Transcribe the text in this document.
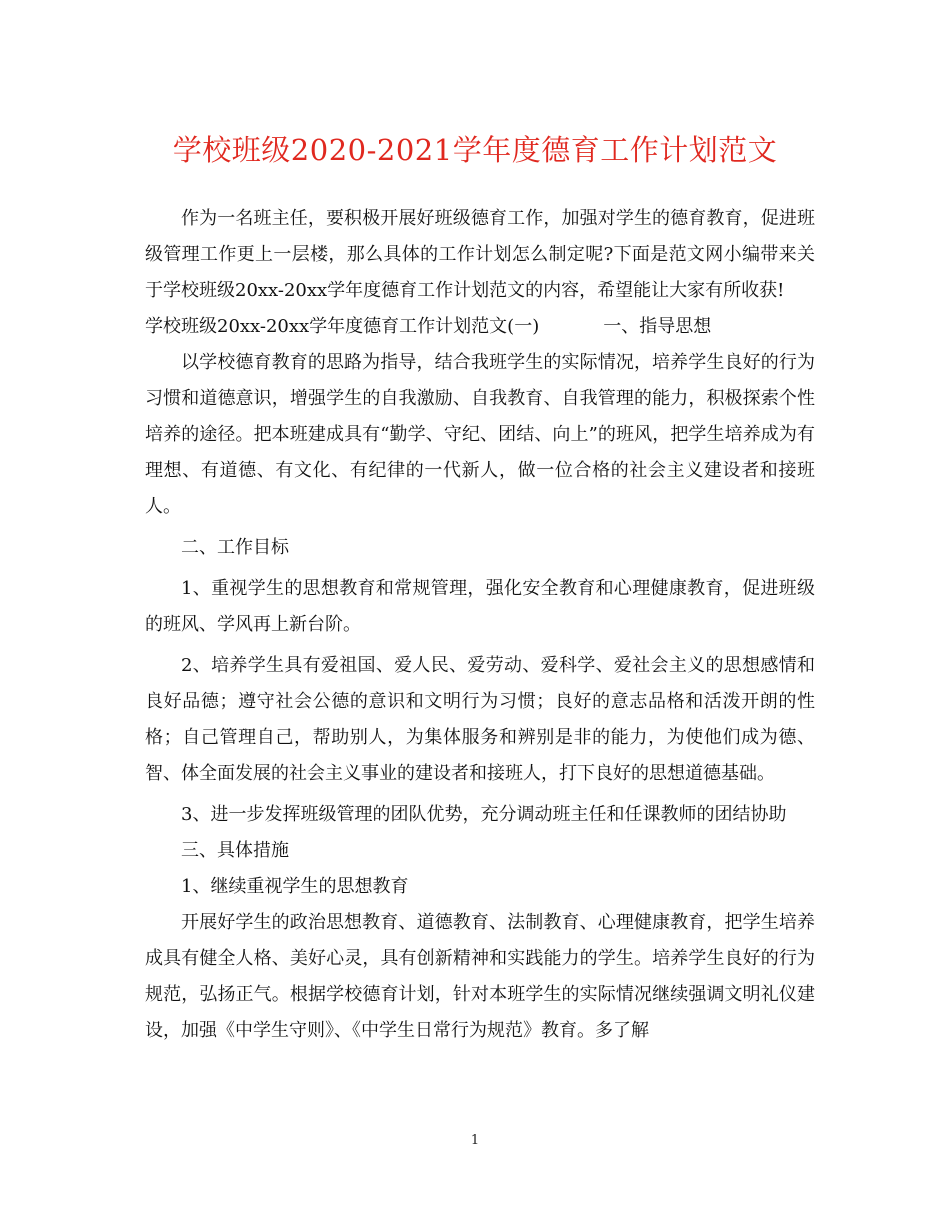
学校班级2020-2021学年度德育工作计划范文

作为一名班主任，要积极开展好班级德育工作，加强对学生的德育教育，促进班级管理工作更上一层楼，那么具体的工作计划怎么制定呢?下面是范文网小编带来关于学校班级20xx-20xx学年度德育工作计划范文的内容，希望能让大家有所收获!

学校班级20xx-20xx学年度德育工作计划范文(一)	一、指导思想

以学校德育教育的思路为指导，结合我班学生的实际情况，培养学生良好的行为习惯和道德意识，增强学生的自我激励、自我教育、自我管理的能力，积极探索个性培养的途径。把本班建成具有“勤学、守纪、团结、向上”的班风，把学生培养成为有理想、有道德、有文化、有纪律的一代新人，做一位合格的社会主义建设者和接班人。

二、工作目标

1、重视学生的思想教育和常规管理，强化安全教育和心理健康教育，促进班级的班风、学风再上新台阶。

2、培养学生具有爱祖国、爱人民、爱劳动、爱科学、爱社会主义的思想感情和良好品德；遵守社会公德的意识和文明行为习惯；良好的意志品格和活泼开朗的性格；自己管理自己，帮助别人，为集体服务和辨别是非的能力，为使他们成为德、智、体全面发展的社会主义事业的建设者和接班人，打下良好的思想道德基础。

3、进一步发挥班级管理的团队优势，充分调动班主任和任课教师的团结协助

三、具体措施

1、继续重视学生的思想教育

开展好学生的政治思想教育、道德教育、法制教育、心理健康教育，把学生培养成具有健全人格、美好心灵，具有创新精神和实践能力的学生。培养学生良好的行为规范，弘扬正气。根据学校德育计划，针对本班学生的实际情况继续强调文明礼仪建设，加强《中学生守则》、《中学生日常行为规范》教育。多了解

1
